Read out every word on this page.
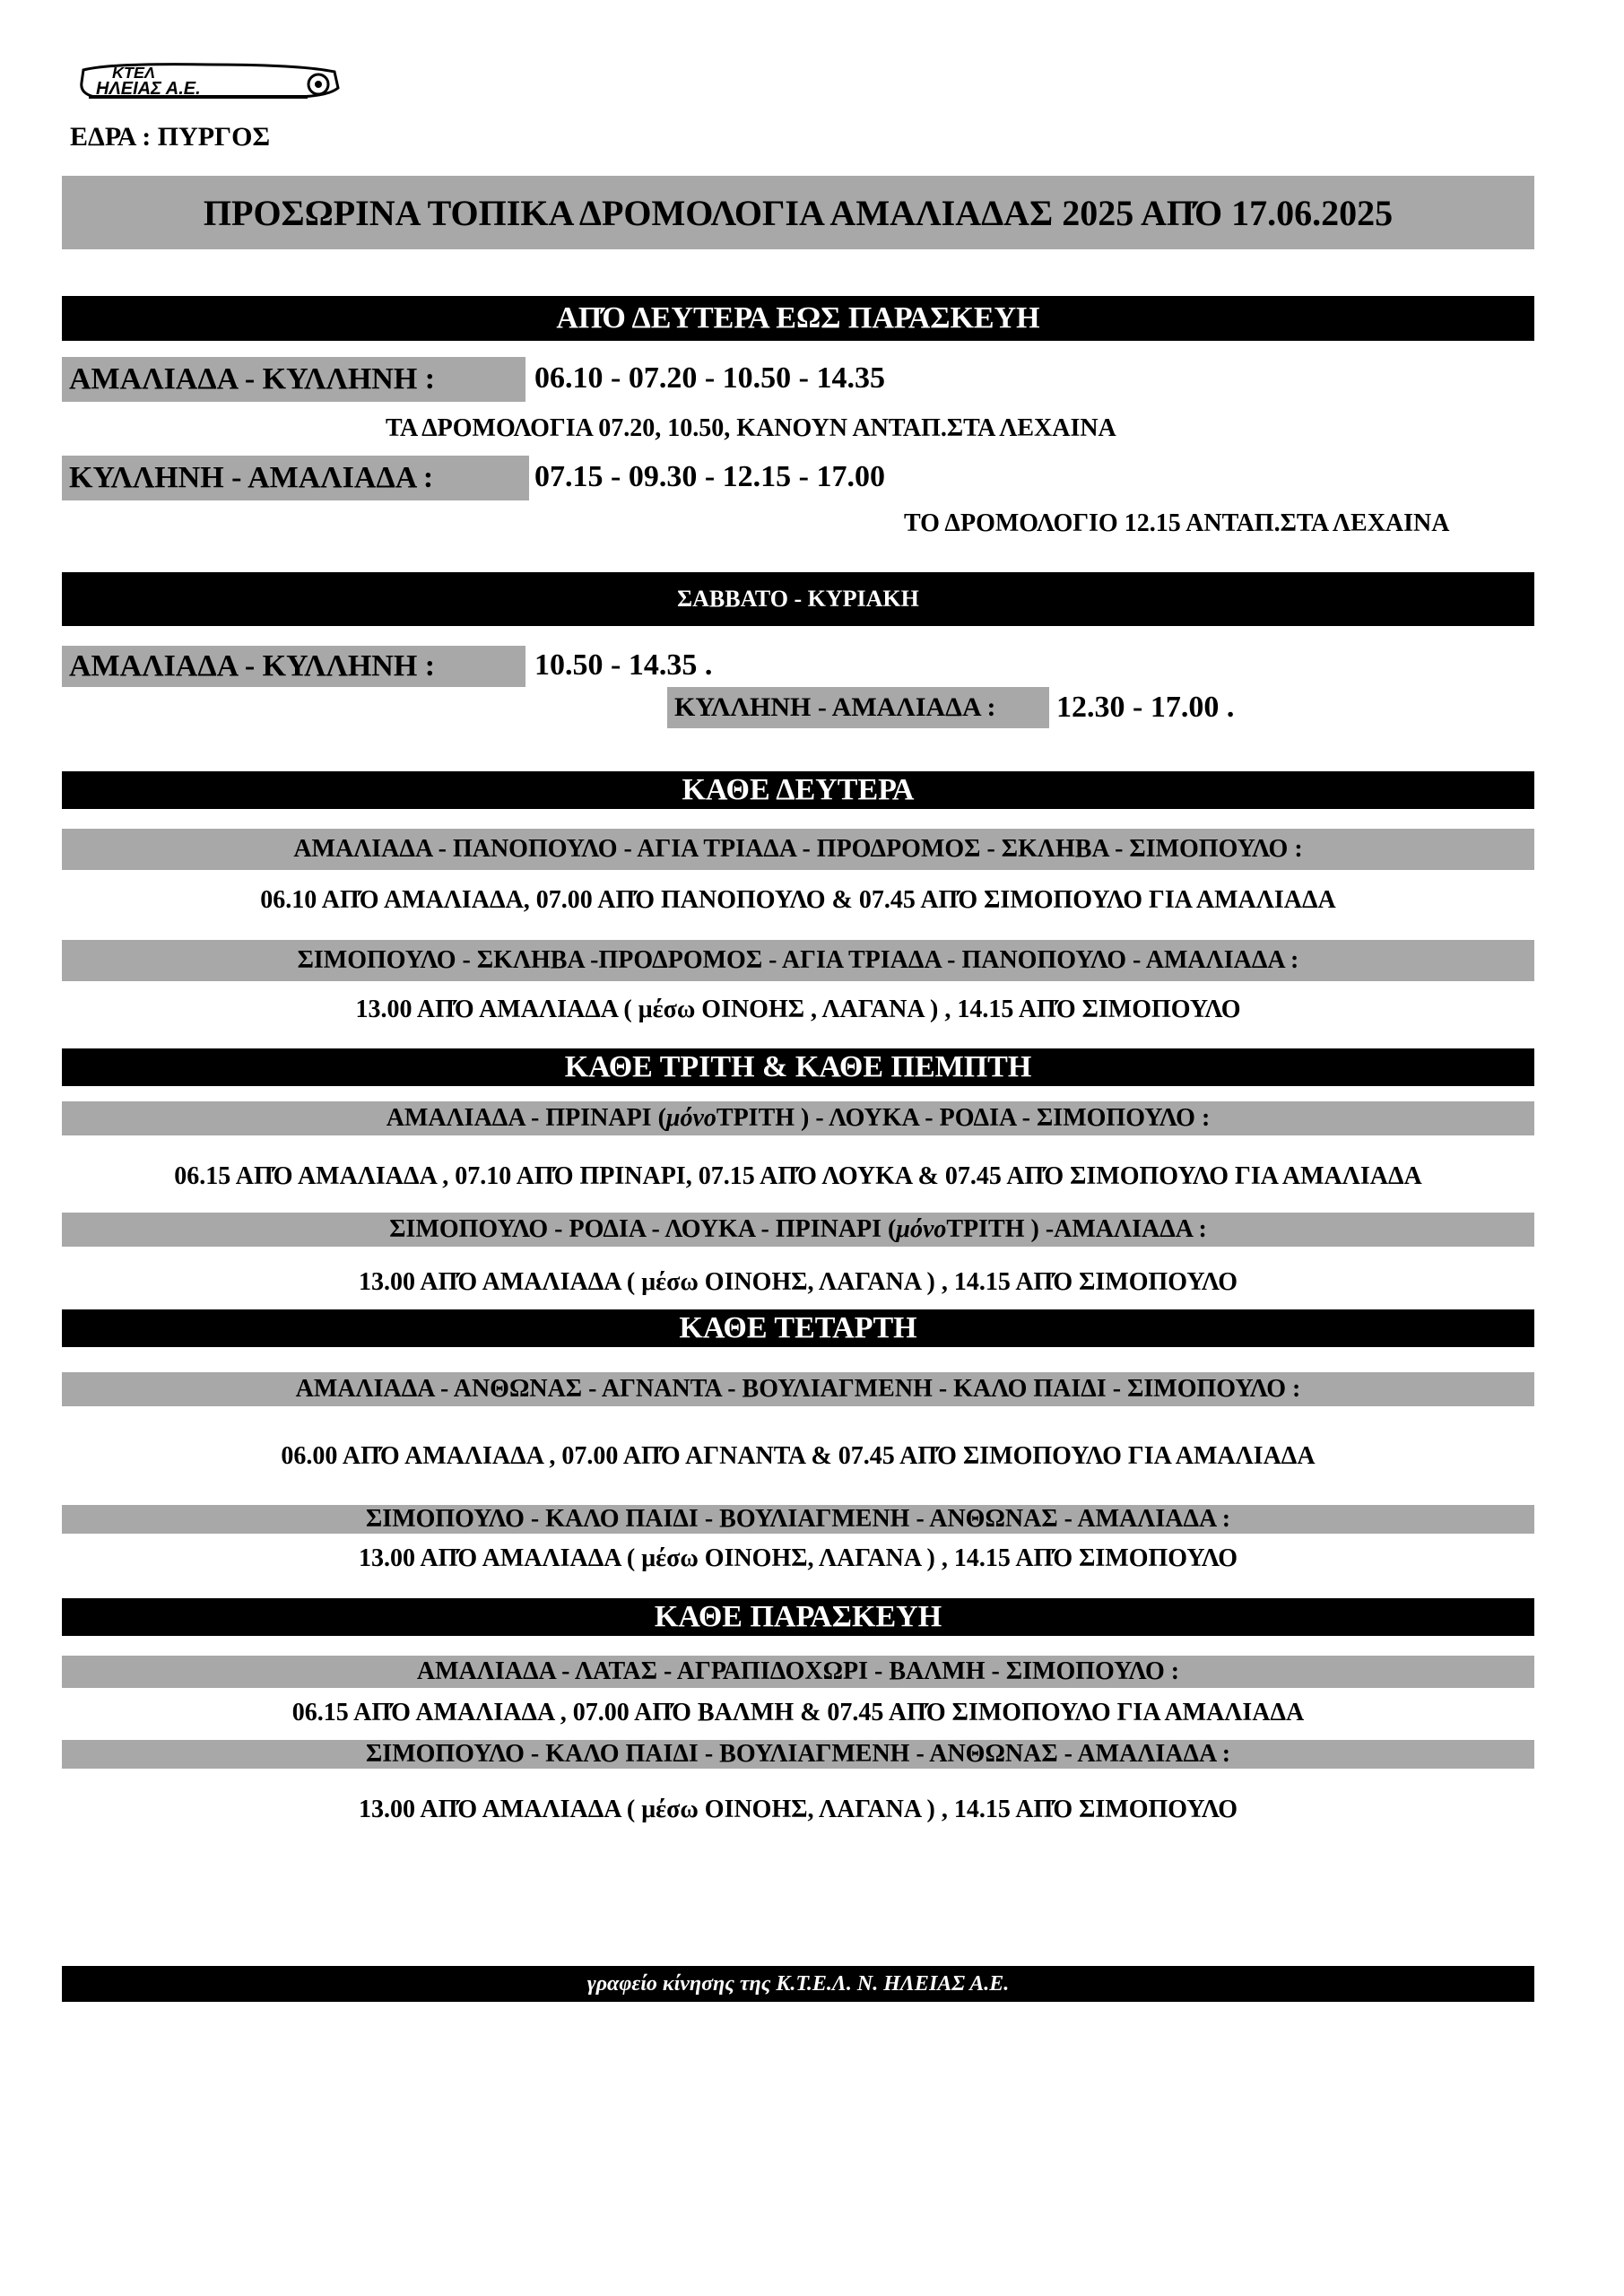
ΚΤΕΛ
ΗΛΕΙΑΣ Α.Ε.
ΕΔΡΑ : ΠΥΡΓΟΣ
ΠΡΟΣΩΡΙΝΑ ΤΟΠΙΚΑ ΔΡΟΜΟΛΟΓΙΑ ΑΜΑΛΙΑΔΑΣ 2025 ΑΠΌ 17.06.2025
ΑΠΌ ΔΕΥΤΕΡΑ ΕΩΣ ΠΑΡΑΣΚΕΥΗ
ΑΜΑΛΙΑΔΑ - ΚΥΛΛΗΝΗ :	06.10 - 07.20 - 10.50 - 14.35
ΤΑ ΔΡΟΜΟΛΟΓΙΑ 07.20, 10.50, ΚΑΝΟΥΝ ΑΝΤΑΠ.ΣΤΑ ΛΕΧΑΙΝΑ
ΚΥΛΛΗΝΗ - ΑΜΑΛΙΑΔΑ :	07.15 - 09.30 - 12.15 - 17.00
ΤΟ ΔΡΟΜΟΛΟΓΙΟ 12.15 ΑΝΤΑΠ.ΣΤΑ ΛΕΧΑΙΝΑ
ΣΑΒΒΑΤΟ - ΚΥΡΙΑΚΗ
ΑΜΑΛΙΑΔΑ - ΚΥΛΛΗΝΗ :	10.50 - 14.35 .
ΚΥΛΛΗΝΗ - ΑΜΑΛΙΑΔΑ : 12.30 - 17.00 .
ΚΑΘΕ ΔΕΥΤΕΡΑ
ΑΜΑΛΙΑΔΑ - ΠΑΝΟΠΟΥΛΟ - ΑΓΙΑ ΤΡΙΑΔΑ - ΠΡΟΔΡΟΜΟΣ - ΣΚΛΗΒΑ - ΣΙΜΟΠΟΥΛΟ :
06.10 ΑΠΌ ΑΜΑΛΙΑΔΑ, 07.00 ΑΠΌ ΠΑΝΟΠΟΥΛΟ & 07.45 ΑΠΌ ΣΙΜΟΠΟΥΛΟ ΓΙΑ ΑΜΑΛΙΑΔΑ
ΣΙΜΟΠΟΥΛΟ - ΣΚΛΗΒΑ -ΠΡΟΔΡΟΜΟΣ - ΑΓΙΑ ΤΡΙΑΔΑ - ΠΑΝΟΠΟΥΛΟ - ΑΜΑΛΙΑΔΑ :
13.00 ΑΠΌ ΑΜΑΛΙΑΔΑ ( μέσω ΟΙΝΟΗΣ , ΛΑΓΑΝΑ ) , 14.15 ΑΠΌ ΣΙΜΟΠΟΥΛΟ
ΚΑΘΕ ΤΡΙΤΗ & ΚΑΘΕ ΠΕΜΠΤΗ
ΑΜΑΛΙΑΔΑ - ΠΡΙΝΑΡΙ ( μόνο ΤΡΙΤΗ ) - ΛΟΥΚΑ - ΡΟΔΙΑ - ΣΙΜΟΠΟΥΛΟ :
06.15 ΑΠΌ ΑΜΑΛΙΑΔΑ , 07.10 ΑΠΌ ΠΡΙΝΑΡΙ, 07.15 ΑΠΌ ΛΟΥΚΑ & 07.45 ΑΠΌ ΣΙΜΟΠΟΥΛΟ ΓΙΑ ΑΜΑΛΙΑΔΑ
ΣΙΜΟΠΟΥΛΟ - ΡΟΔΙΑ - ΛΟΥΚΑ - ΠΡΙΝΑΡΙ ( μόνο ΤΡΙΤΗ ) -ΑΜΑΛΙΑΔΑ :
13.00 ΑΠΌ ΑΜΑΛΙΑΔΑ ( μέσω ΟΙΝΟΗΣ, ΛΑΓΑΝΑ ) , 14.15 ΑΠΌ ΣΙΜΟΠΟΥΛΟ
ΚΑΘΕ ΤΕΤΑΡΤΗ
ΑΜΑΛΙΑΔΑ - ΑΝΘΩΝΑΣ - ΑΓΝΑΝΤΑ - ΒΟΥΛΙΑΓΜΕΝΗ - ΚΑΛΟ ΠΑΙΔΙ - ΣΙΜΟΠΟΥΛΟ :
06.00 ΑΠΌ ΑΜΑΛΙΑΔΑ , 07.00 ΑΠΌ ΑΓΝΑΝΤΑ & 07.45 ΑΠΌ ΣΙΜΟΠΟΥΛΟ ΓΙΑ ΑΜΑΛΙΑΔΑ
ΣΙΜΟΠΟΥΛΟ - ΚΑΛΟ ΠΑΙΔΙ - ΒΟΥΛΙΑΓΜΕΝΗ - ΑΝΘΩΝΑΣ - ΑΜΑΛΙΑΔΑ :
13.00 ΑΠΌ ΑΜΑΛΙΑΔΑ ( μέσω ΟΙΝΟΗΣ, ΛΑΓΑΝΑ ) , 14.15 ΑΠΌ ΣΙΜΟΠΟΥΛΟ
ΚΑΘΕ ΠΑΡΑΣΚΕΥΗ
ΑΜΑΛΙΑΔΑ - ΛΑΤΑΣ - ΑΓΡΑΠΙΔΟΧΩΡΙ - ΒΑΛΜΗ - ΣΙΜΟΠΟΥΛΟ :
06.15 ΑΠΌ ΑΜΑΛΙΑΔΑ , 07.00 ΑΠΌ ΒΑΛΜΗ & 07.45 ΑΠΌ ΣΙΜΟΠΟΥΛΟ ΓΙΑ ΑΜΑΛΙΑΔΑ
ΣΙΜΟΠΟΥΛΟ - ΚΑΛΟ ΠΑΙΔΙ - ΒΟΥΛΙΑΓΜΕΝΗ - ΑΝΘΩΝΑΣ - ΑΜΑΛΙΑΔΑ :
13.00 ΑΠΌ ΑΜΑΛΙΑΔΑ ( μέσω ΟΙΝΟΗΣ, ΛΑΓΑΝΑ ) , 14.15 ΑΠΌ ΣΙΜΟΠΟΥΛΟ
γραφείο κίνησης της Κ.Τ.Ε.Λ. Ν. ΗΛΕΙΑΣ Α.Ε.
